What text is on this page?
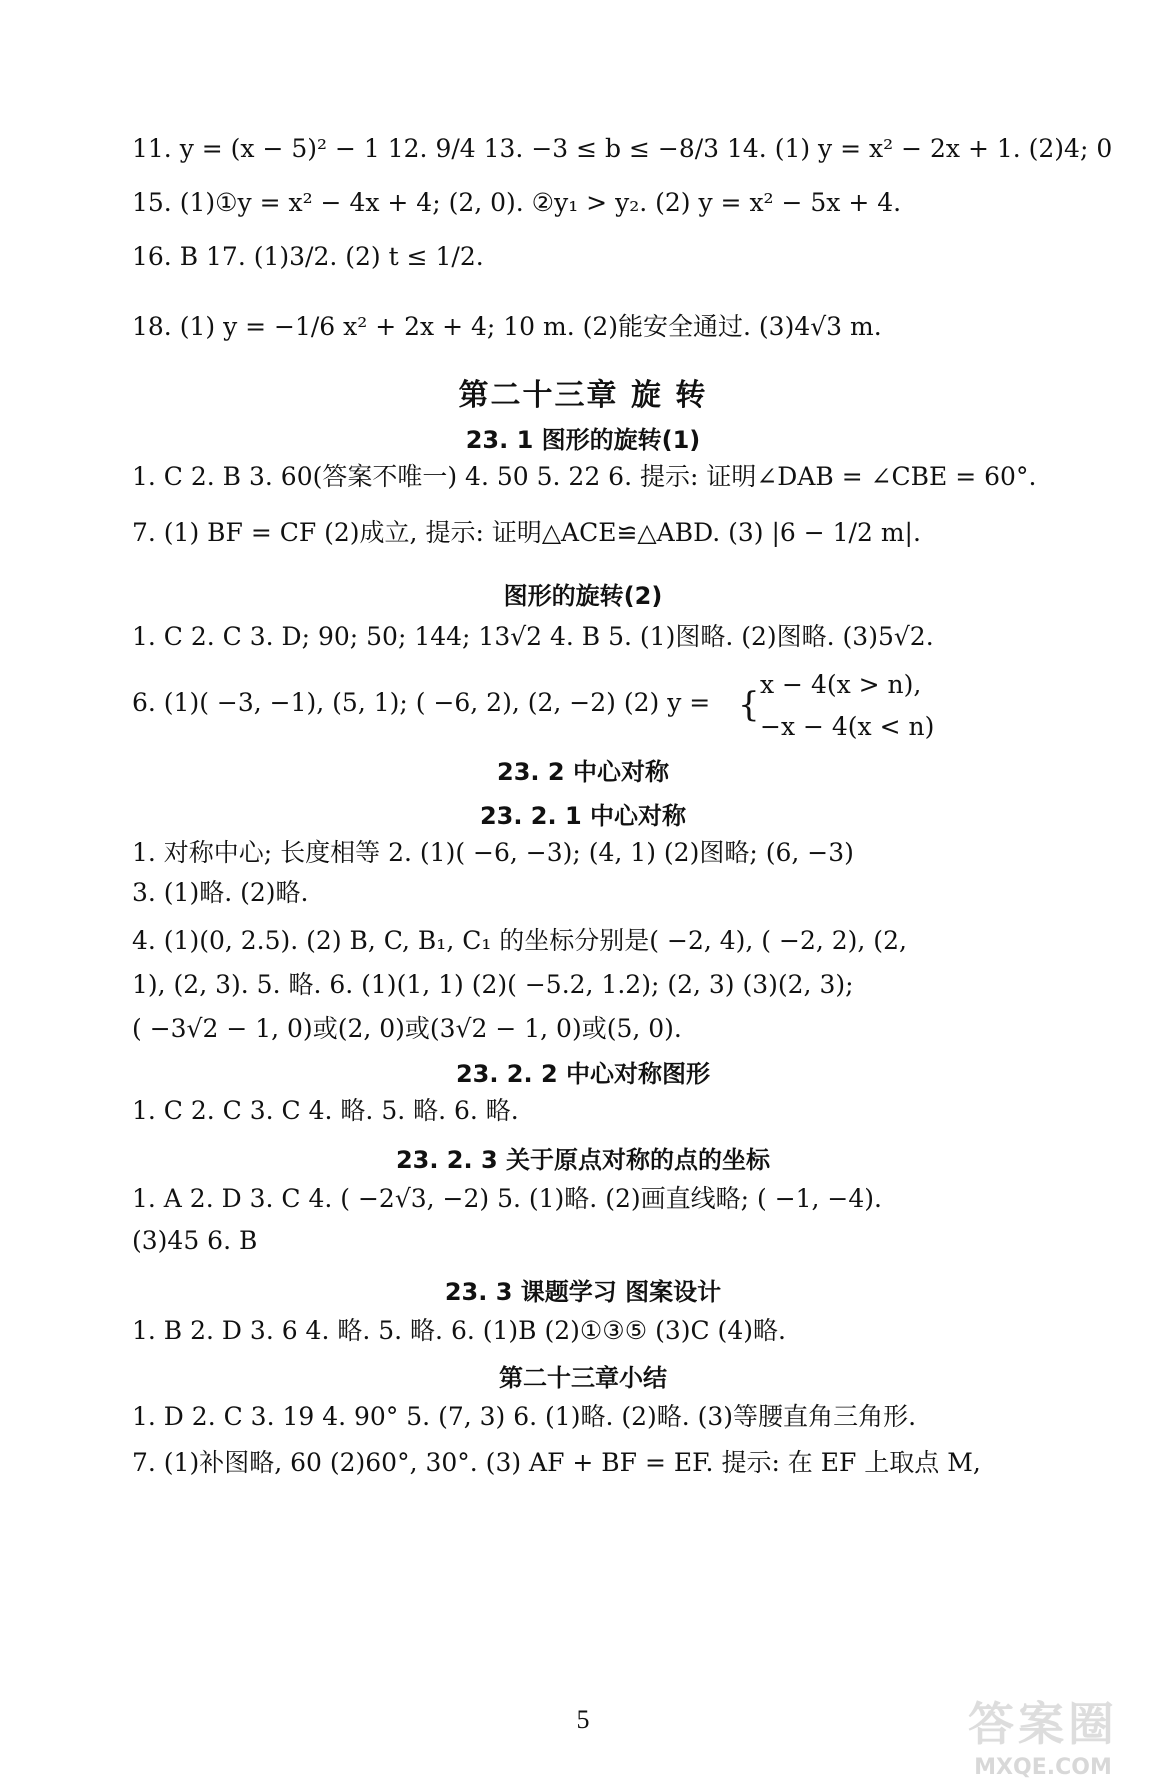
11. y = (x − 5)² − 1 12. 9/4 13. −3 ≤ b ≤ −8/3 14. (1) y = x² − 2x + 1. (2)4; 0
15. (1)①y = x² − 4x + 4; (2, 0). ②y₁ > y₂. (2) y = x² − 5x + 4.
16. B 17. (1)3/2. (2) t ≤ 1/2.
18. (1) y = −1/6 x² + 2x + 4; 10 m. (2)能安全通过. (3)4√3 m.
第二十三章 旋 转
23. 1 图形的旋转(1)
1. C 2. B 3. 60(答案不唯一) 4. 50 5. 22 6. 提示: 证明∠DAB = ∠CBE = 60°.
7. (1) BF = CF (2)成立, 提示: 证明△ACE≌△ABD. (3) |6 − 1/2 m|.
图形的旋转(2)
1. C 2. C 3. D; 90; 50; 144; 13√2 4. B 5. (1)图略. (2)图略. (3)5√2.
6. (1)( −3, −1), (5, 1); ( −6, 2), (2, −2) (2) y = {
x − 4(x > n),
−x − 4(x < n)
23. 2 中心对称
23. 2. 1 中心对称
1. 对称中心; 长度相等 2. (1)( −6, −3); (4, 1) (2)图略; (6, −3)
3. (1)略. (2)略.
4. (1)(0, 2.5). (2) B, C, B₁, C₁ 的坐标分别是( −2, 4), ( −2, 2), (2,
1), (2, 3). 5. 略. 6. (1)(1, 1) (2)( −5.2, 1.2); (2, 3) (3)(2, 3);
( −3√2 − 1, 0)或(2, 0)或(3√2 − 1, 0)或(5, 0).
23. 2. 2 中心对称图形
1. C 2. C 3. C 4. 略. 5. 略. 6. 略.
23. 2. 3 关于原点对称的点的坐标
1. A 2. D 3. C 4. ( −2√3, −2) 5. (1)略. (2)画直线略; ( −1, −4).
(3)45 6. B
23. 3 课题学习 图案设计
1. B 2. D 3. 6 4. 略. 5. 略. 6. (1)B (2)①③⑤ (3)C (4)略.
第二十三章小结
1. D 2. C 3. 19 4. 90° 5. (7, 3) 6. (1)略. (2)略. (3)等腰直角三角形.
7. (1)补图略, 60 (2)60°, 30°. (3) AF + BF = EF. 提示: 在 EF 上取点 M,
5	答案圈
MXQE.COM
